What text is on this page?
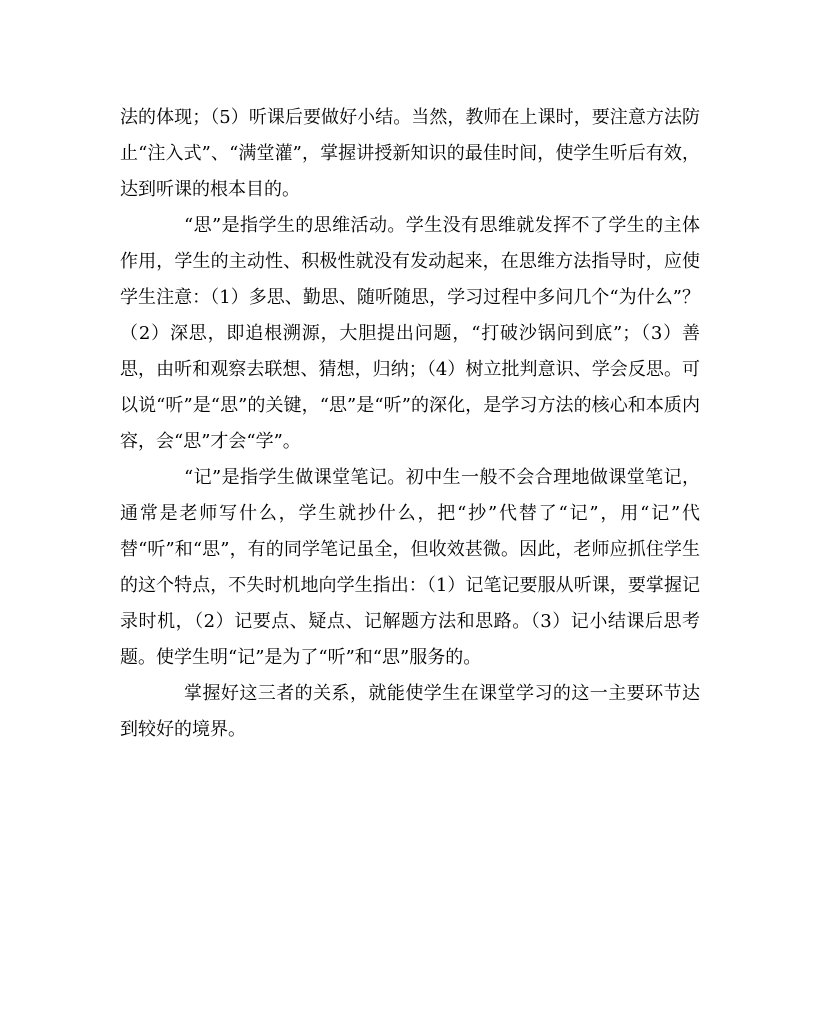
法的体现；（5）听课后要做好小结。当然，教师在上课时，要注意方法防止“注入式”、“满堂灌”，掌握讲授新知识的最佳时间，使学生听后有效，达到听课的根本目的。

“思”是指学生的思维活动。学生没有思维就发挥不了学生的主体作用，学生的主动性、积极性就没有发动起来，在思维方法指导时，应使学生注意：（1）多思、勤思、随听随思，学习过程中多问几个“为什么”？（2）深思，即追根溯源，大胆提出问题，“打破沙锅问到底”；（3）善思，由听和观察去联想、猜想，归纳；（4）树立批判意识、学会反思。可以说“听”是“思”的关键，“思”是“听”的深化，是学习方法的核心和本质内容，会“思”才会“学”。

“记”是指学生做课堂笔记。初中生一般不会合理地做课堂笔记，通常是老师写什么，学生就抄什么，把“抄”代替了“记”，用“记”代替“听”和“思”，有的同学笔记虽全，但收效甚微。因此，老师应抓住学生的这个特点，不失时机地向学生指出：（1）记笔记要服从听课，要掌握记录时机，（2）记要点、疑点、记解题方法和思路。（3）记小结课后思考题。使学生明“记”是为了“听”和“思”服务的。

掌握好这三者的关系，就能使学生在课堂学习的这一主要环节达到较好的境界。
